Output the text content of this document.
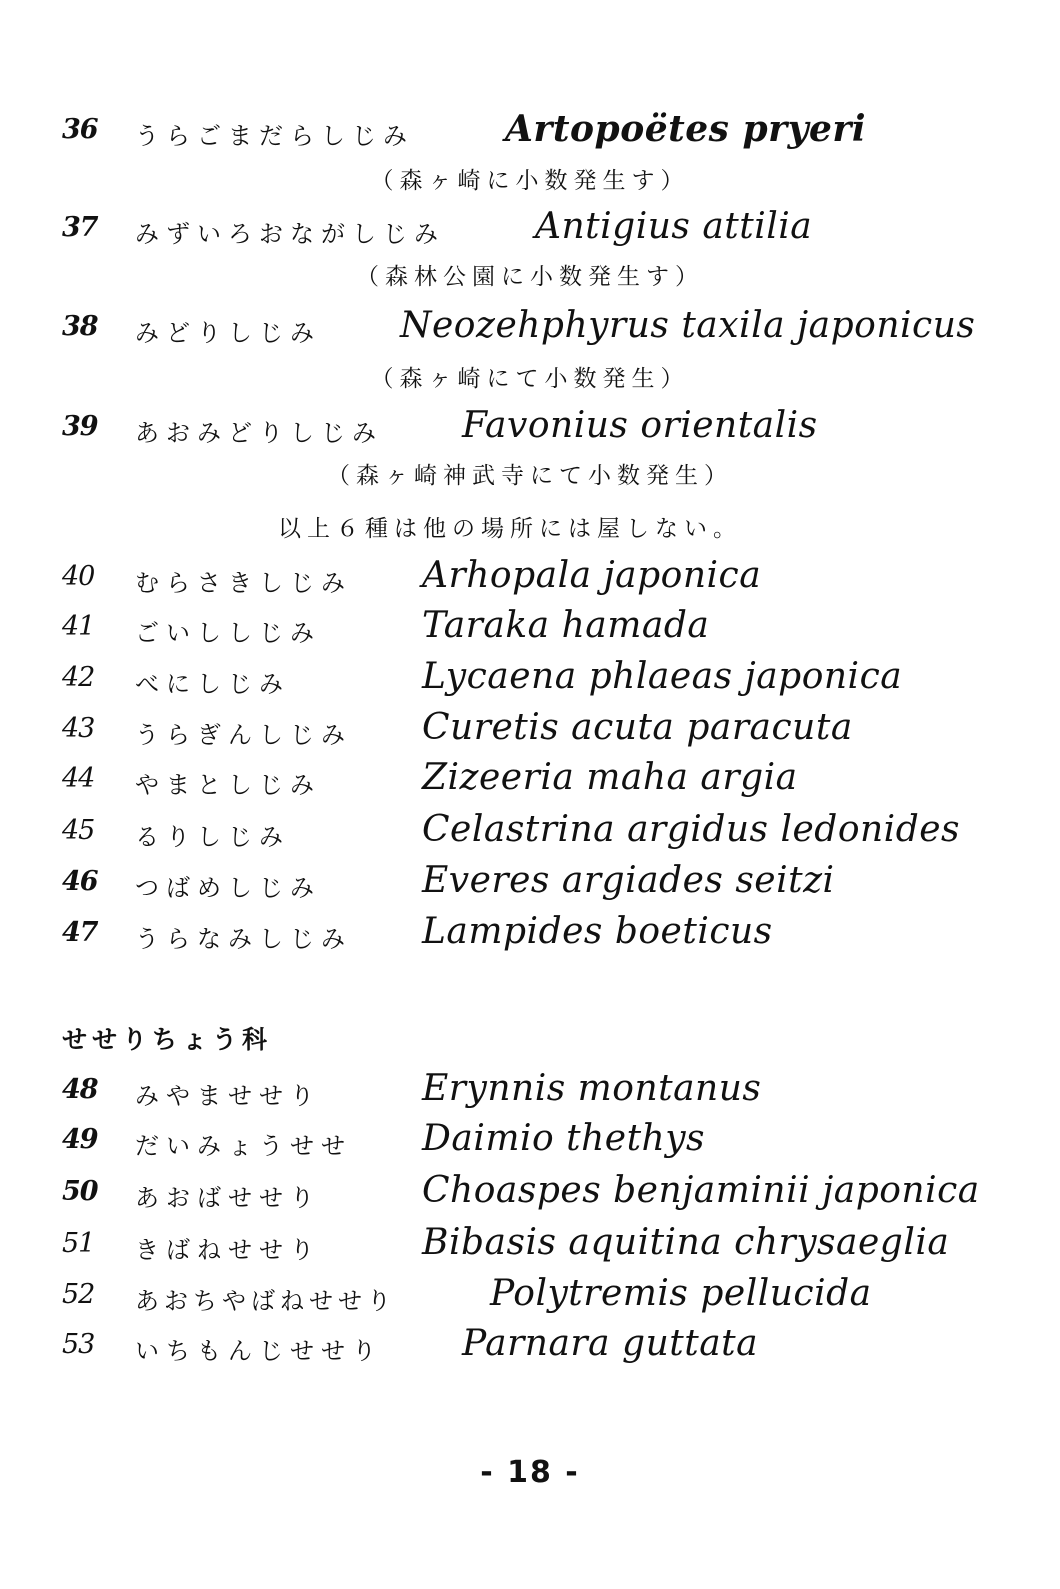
36	うらごまだらしじみ	Artopoëtes pryeri
（森ヶ崎に小数発生す）
37	みずいろおながしじみ	Antigius attilia
（森林公園に小数発生す）
38	みどりしじみ Neozehphyrus taxila japonicus
（森ヶ崎にて小数発生）
39	あおみどりしじみ Favonius orientalis
（森ヶ崎神武寺にて小数発生）
以上６種は他の場所には屋しない。
40	むらさきしじみ Arhopala japonica
41	ごいししじみ	Taraka hamada
42	べにしじみ	Lycaena phlaeas japonica
43	うらぎんしじみ Curetis acuta paracuta
44	やまとしじみ	Zizeeria maha argia
45	るりしじみ	Celastrina argidus ledonides
46	つばめしじみ	Everes argiades seitzi
47	うらなみしじみ Lampides boeticus
せせりちょう科
48	みやませせり	Erynnis montanus
49	だいみょうせせ Daimio thethys
50	あおばせせり	Choaspes benjaminii japonica
51	きばねせせり	Bibasis aquitina chrysaeglia
52	あおちやばねせせり	Polytremis pellucida
53	いちもんじせせり Parnara guttata
- 18 -
